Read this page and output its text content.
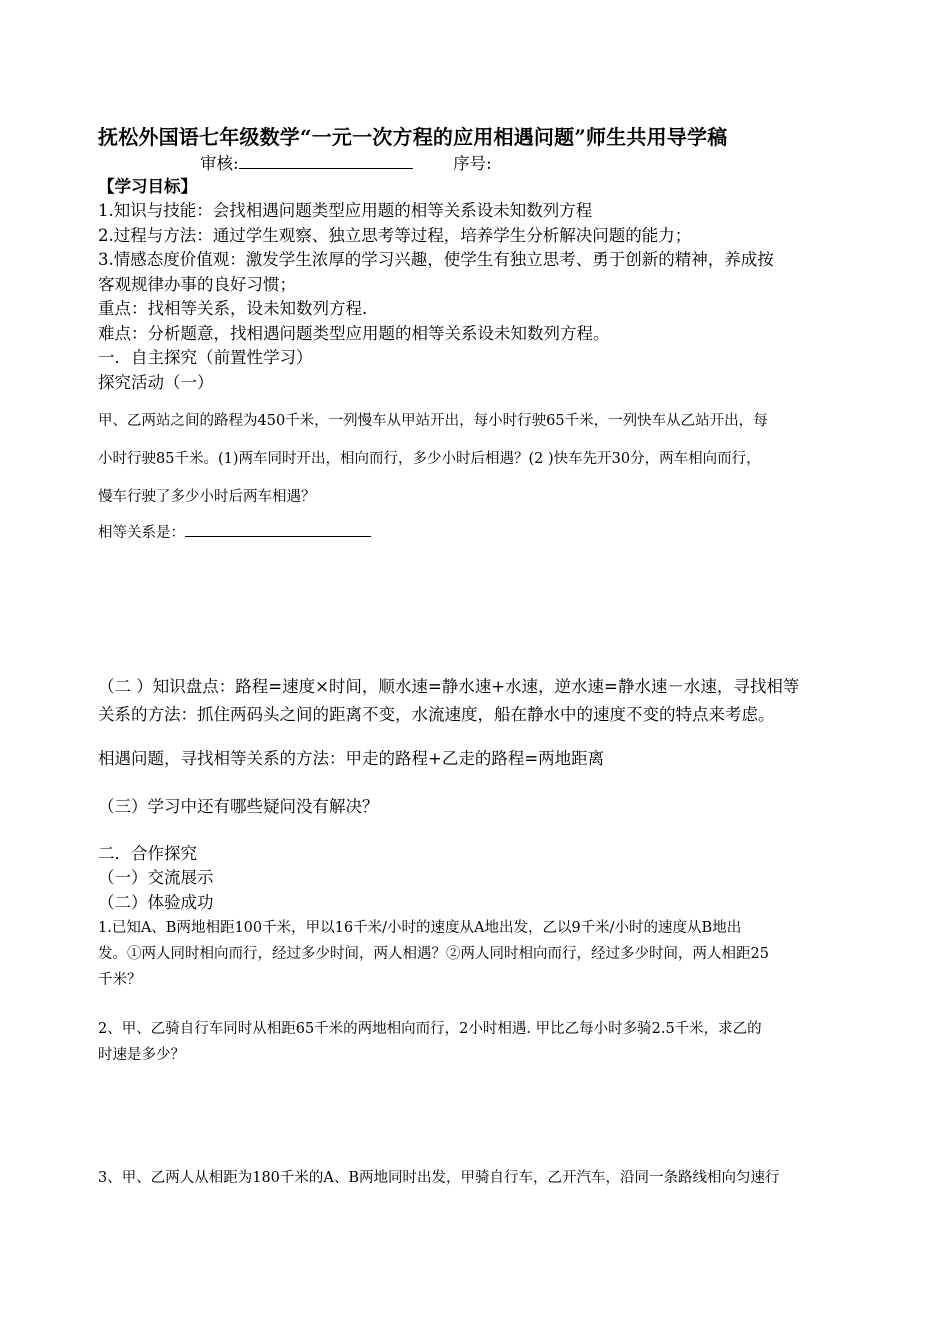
抚松外国语七年级数学“一元一次方程的应用相遇问题”师生共用导学稿
审核:	序号:
【学习目标】
1.知识与技能：会找相遇问题类型应用题的相等关系设未知数列方程
2.过程与方法：通过学生观察、独立思考等过程，培养学生分析解决问题的能力；
3.情感态度价值观：激发学生浓厚的学习兴趣，使学生有独立思考、勇于创新的精神，养成按
客观规律办事的良好习惯；
重点：找相等关系，设未知数列方程.
难点：分析题意，找相遇问题类型应用题的相等关系设未知数列方程。
一．自主探究（前置性学习）
探究活动（一）
甲、乙两站之间的路程为450千米，一列慢车从甲站开出，每小时行驶65千米，一列快车从乙站开出，每
小时行驶85千米。(1)两车同时开出，相向而行，多少小时后相遇？(2 )快车先开30分，两车相向而行，
慢车行驶了多少小时后两车相遇？
相等关系是：
（二 ）知识盘点：路程=速度×时间，顺水速=静水速+水速，逆水速=静水速－水速，寻找相等
关系的方法：抓住两码头之间的距离不变，水流速度，船在静水中的速度不变的特点来考虑。
相遇问题，寻找相等关系的方法：甲走的路程+乙走的路程=两地距离
（三）学习中还有哪些疑问没有解决？
二．合作探究
（一）交流展示
（二）体验成功
1.已知A、B两地相距100千米，甲以16千米/小时的速度从A地出发，乙以9千米/小时的速度从B地出
发。①两人同时相向而行，经过多少时间，两人相遇？②两人同时相向而行，经过多少时间，两人相距25
千米？
2、甲、乙骑自行车同时从相距65千米的两地相向而行，2小时相遇. 甲比乙每小时多骑2.5千米，求乙的
时速是多少？
3、甲、乙两人从相距为180千米的A、B两地同时出发，甲骑自行车，乙开汽车，沿同一条路线相向匀速行
